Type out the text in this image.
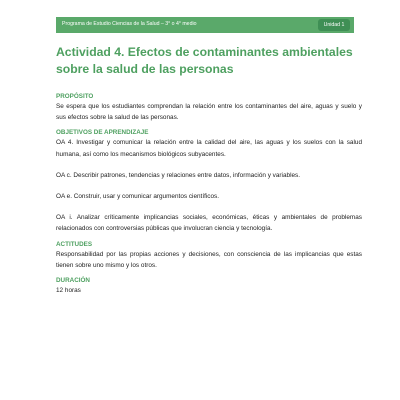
Programa de Estudio Ciencias de la Salud – 3° o 4° medio	Unidad 1
Actividad 4. Efectos de contaminantes ambientales sobre la salud de las personas
PROPÓSITO

Se espera que los estudiantes comprendan la relación entre los contaminantes del aire, aguas y suelo y sus efectos sobre la salud de las personas.

OBJETIVOS DE APRENDIZAJE

OA 4. Investigar y comunicar la relación entre la calidad del aire, las aguas y los suelos con la salud humana, así como los mecanismos biológicos subyacentes.

OA c. Describir patrones, tendencias y relaciones entre datos, información y variables.

OA e. Construir, usar y comunicar argumentos científicos.

OA i. Analizar críticamente implicancias sociales, económicas, éticas y ambientales de problemas relacionados con controversias públicas que involucran ciencia y tecnología.

ACTITUDES

Responsabilidad por las propias acciones y decisiones, con consciencia de las implicancias que estas tienen sobre uno mismo y los otros.

DURACIÓN

12 horas
